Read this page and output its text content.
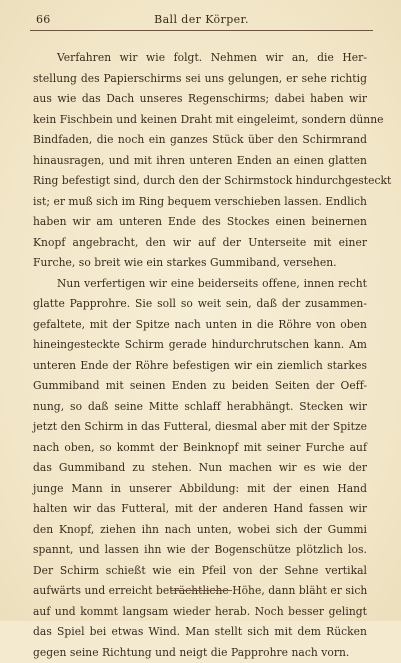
66	Ball der Körper.
Verfahren wir wie folgt. Nehmen wir an, die Her-
stellung des Papierschirms sei uns gelungen, er sehe richtig
aus wie das Dach unseres Regenschirms; dabei haben wir
kein Fischbein und keinen Draht mit eingeleimt, sondern dünne
Bindfaden, die noch ein ganzes Stück über den Schirmrand
hinausragen, und mit ihren unteren Enden an einen glatten
Ring befestigt sind, durch den der Schirmstock hindurchgesteckt
ist; er muß sich im Ring bequem verschieben lassen. Endlich
haben wir am unteren Ende des Stockes einen beinernen
Knopf angebracht, den wir auf der Unterseite mit einer
Furche, so breit wie ein starkes Gummiband, versehen.
Nun verfertigen wir eine beiderseits offene, innen recht
glatte Papprohre. Sie soll so weit sein, daß der zusammen-
gefaltete, mit der Spitze nach unten in die Röhre von oben
hineingesteckte Schirm gerade hindurchrutschen kann. Am
unteren Ende der Röhre befestigen wir ein ziemlich starkes
Gummiband mit seinen Enden zu beiden Seiten der Oeff-
nung, so daß seine Mitte schlaff herabhängt. Stecken wir
jetzt den Schirm in das Futteral, diesmal aber mit der Spitze
nach oben, so kommt der Beinknopf mit seiner Furche auf
das Gummiband zu stehen. Nun machen wir es wie der
junge Mann in unserer Abbildung: mit der einen Hand
halten wir das Futteral, mit der anderen Hand fassen wir
den Knopf, ziehen ihn nach unten, wobei sich der Gummi
spannt, und lassen ihn wie der Bogenschütze plötzlich los.
Der Schirm schießt wie ein Pfeil von der Sehne vertikal
aufwärts und erreicht beträchtliche Höhe, dann bläht er sich
auf und kommt langsam wieder herab. Noch besser gelingt
das Spiel bei etwas Wind. Man stellt sich mit dem Rücken
gegen seine Richtung und neigt die Papprohre nach vorn.
